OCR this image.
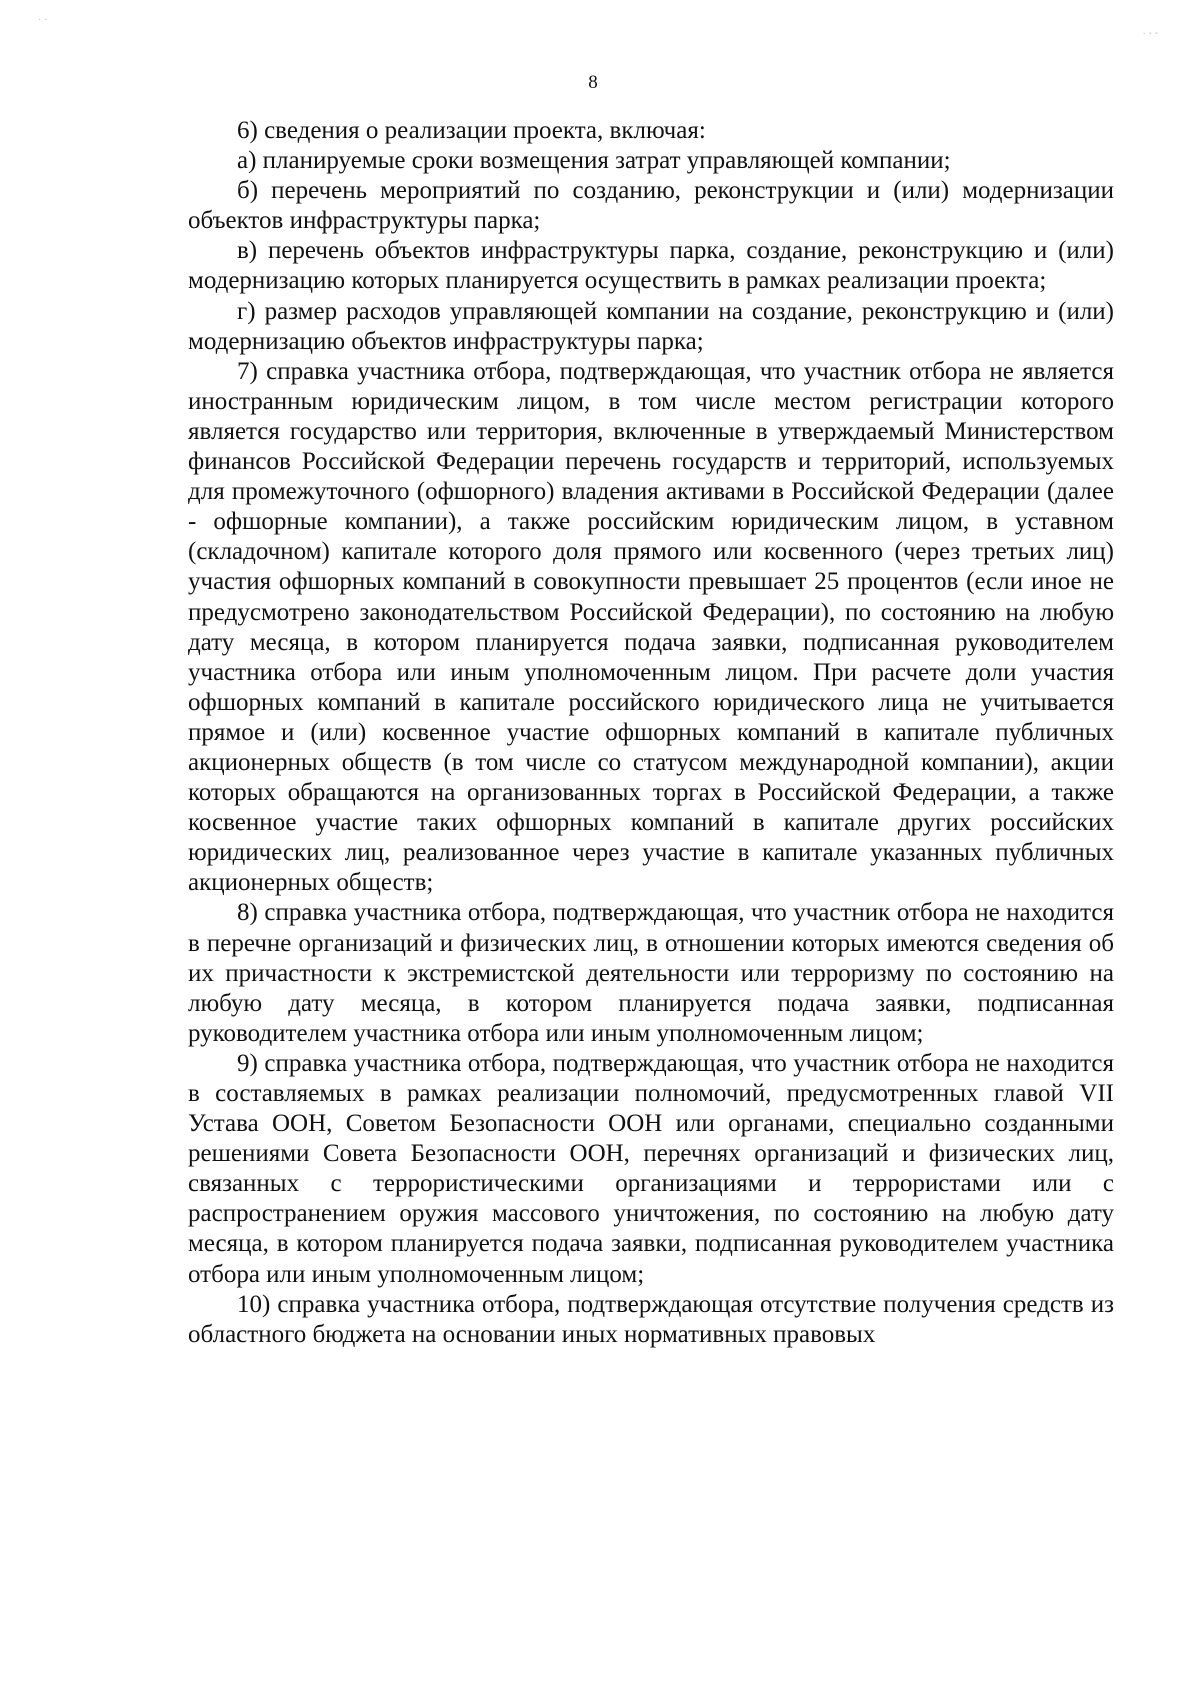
· ·
· - -
8

6) сведения о реализации проекта, включая:

а) планируемые сроки возмещения затрат управляющей компании;

б) перечень мероприятий по созданию, реконструкции и (или) модернизации объектов инфраструктуры парка;

в) перечень объектов инфраструктуры парка, создание, реконструкцию и (или) модернизацию которых планируется осуществить в рамках реализации проекта;

г) размер расходов управляющей компании на создание, реконструкцию и (или) модернизацию объектов инфраструктуры парка;

7) справка участника отбора, подтверждающая, что участник отбора не является иностранным юридическим лицом, в том числе местом регистрации которого является государство или территория, включенные в утверждаемый Министерством финансов Российской Федерации перечень государств и территорий, используемых для промежуточного (офшорного) владения активами в Российской Федерации (далее - офшорные компании), а также российским юридическим лицом, в уставном (складочном) капитале которого доля прямого или косвенного (через третьих лиц) участия офшорных компаний в совокупности превышает 25 процентов (если иное не предусмотрено законодательством Российской Федерации), по состоянию на любую дату месяца, в котором планируется подача заявки, подписанная руководителем участника отбора или иным уполномоченным лицом. При расчете доли участия офшорных компаний в капитале российского юридического лица не учитывается прямое и (или) косвенное участие офшорных компаний в капитале публичных акционерных обществ (в том числе со статусом международной компании), акции которых обращаются на организованных торгах в Российской Федерации, а также косвенное участие таких офшорных компаний в капитале других российских юридических лиц, реализованное через участие в капитале указанных публичных акционерных обществ;

8) справка участника отбора, подтверждающая, что участник отбора не находится в перечне организаций и физических лиц, в отношении которых имеются сведения об их причастности к экстремистской деятельности или терроризму по состоянию на любую дату месяца, в котором планируется подача заявки, подписанная руководителем участника отбора или иным уполномоченным лицом;

9) справка участника отбора, подтверждающая, что участник отбора не находится в составляемых в рамках реализации полномочий, предусмотренных главой VII Устава ООН, Советом Безопасности ООН или органами, специально созданными решениями Совета Безопасности ООН, перечнях организаций и физических лиц, связанных с террористическими организациями и террористами или с распространением оружия массового уничтожения, по состоянию на любую дату месяца, в котором планируется подача заявки, подписанная руководителем участника отбора или иным уполномоченным лицом;

10) справка участника отбора, подтверждающая отсутствие получения средств из областного бюджета на основании иных нормативных правовых
